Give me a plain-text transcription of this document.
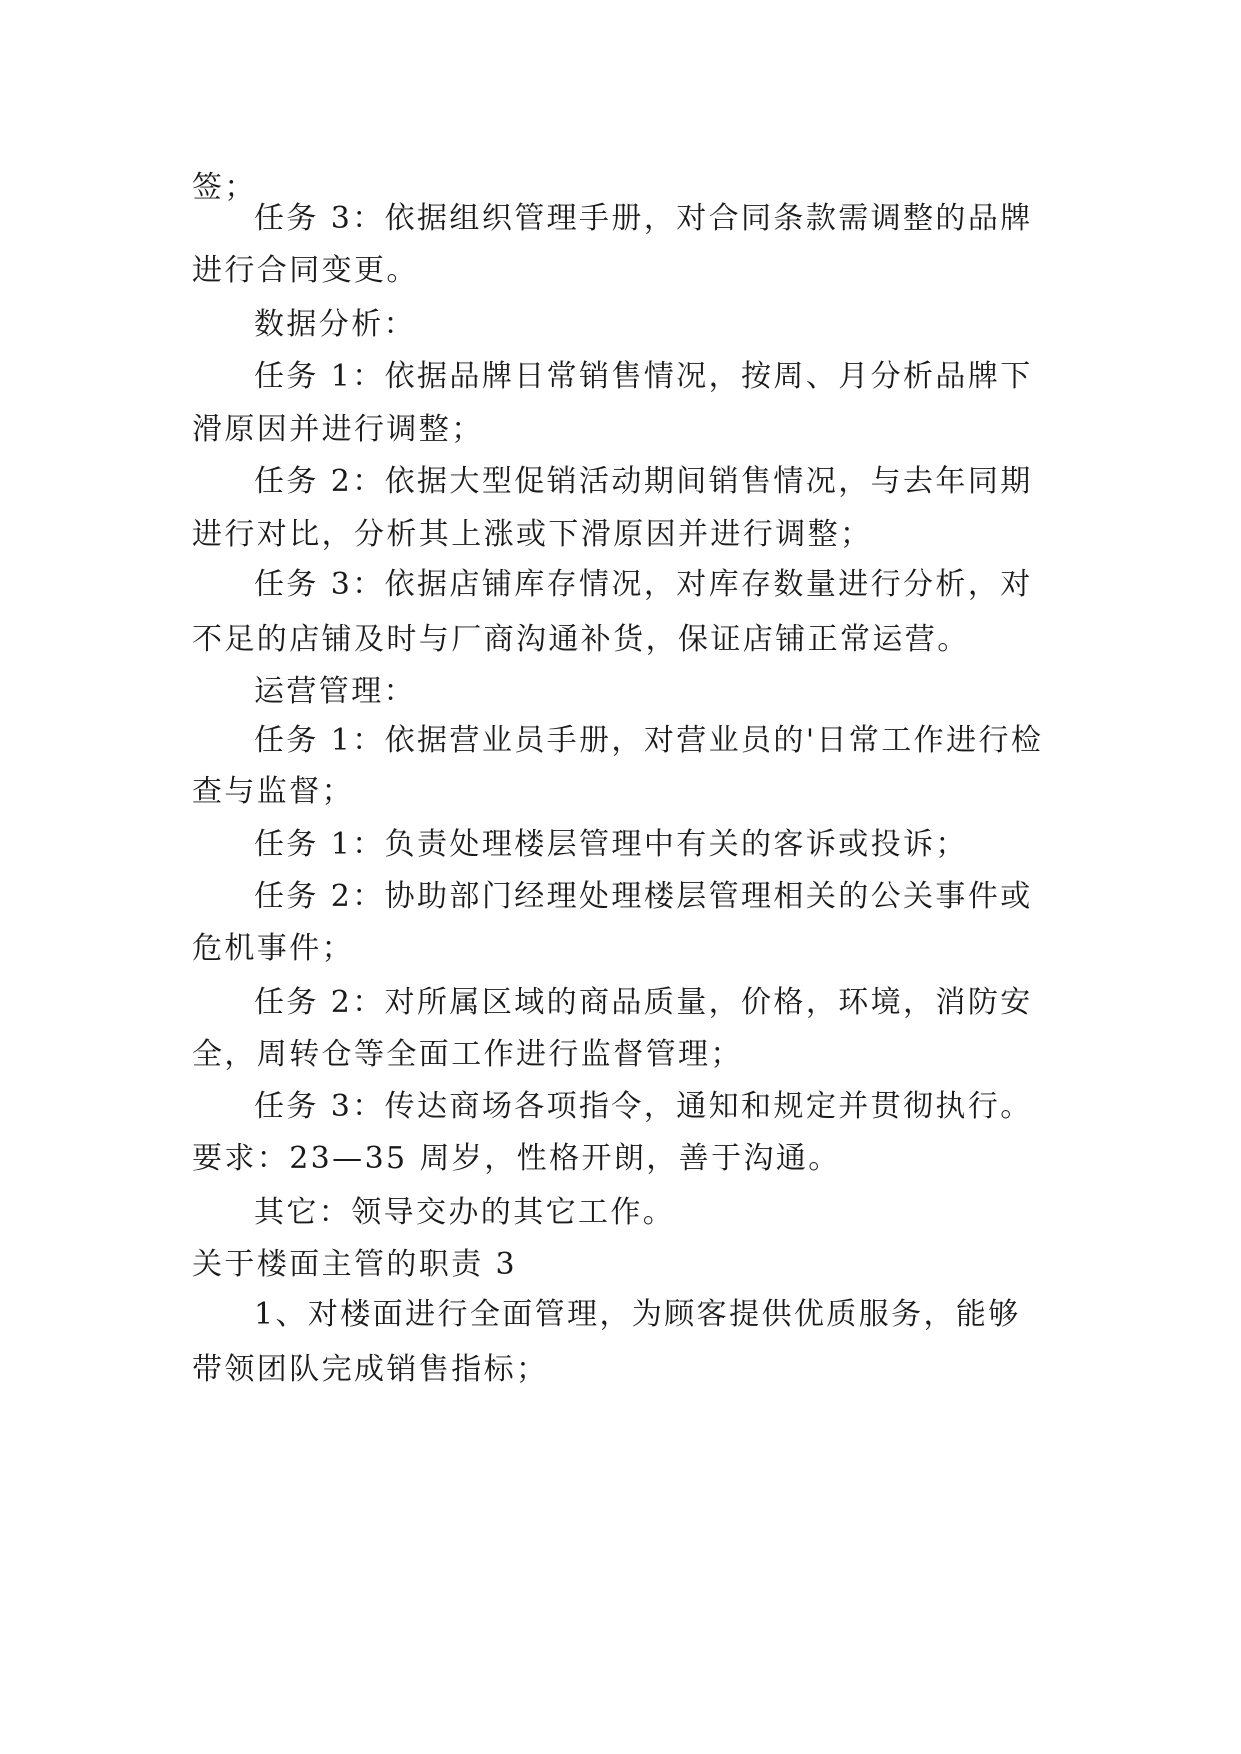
签；
任务 3：依据组织管理手册，对合同条款需调整的品牌
进行合同变更。
数据分析：
任务 1：依据品牌日常销售情况，按周、月分析品牌下
滑原因并进行调整；
任务 2：依据大型促销活动期间销售情况，与去年同期
进行对比，分析其上涨或下滑原因并进行调整；
任务 3：依据店铺库存情况，对库存数量进行分析，对
不足的店铺及时与厂商沟通补货，保证店铺正常运营。
运营管理：
任务 1：依据营业员手册，对营业员的'日常工作进行检
查与监督；
任务 1：负责处理楼层管理中有关的客诉或投诉；
任务 2：协助部门经理处理楼层管理相关的公关事件或
危机事件；
任务 2：对所属区域的商品质量，价格，环境，消防安
全，周转仓等全面工作进行监督管理；
任务 3：传达商场各项指令，通知和规定并贯彻执行。
要求：23—35 周岁，性格开朗，善于沟通。
其它：领导交办的其它工作。
关于楼面主管的职责 3
1、对楼面进行全面管理，为顾客提供优质服务，能够
带领团队完成销售指标；
